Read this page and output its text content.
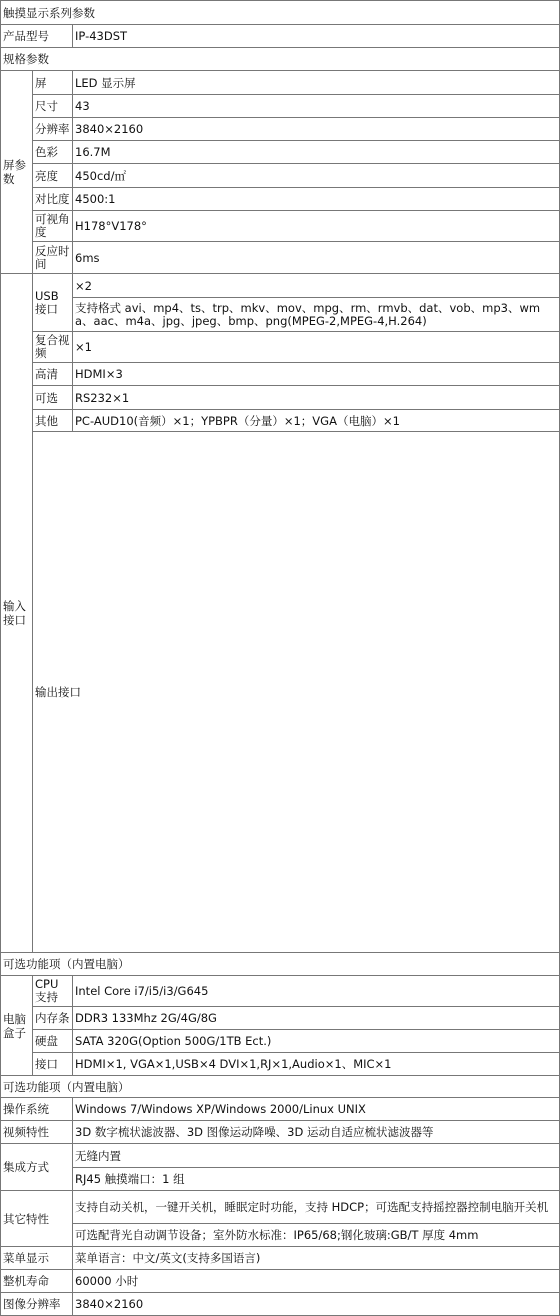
触摸显示系列参数			
产品型号		IP-43DST	
规格参数			
屏参数	屏	LED 显示屏	
	尺寸	43	
	分辨率	3840×2160	
	色彩	16.7M	
	亮度	450cd/㎡	
	对比度	4500:1	
	可视角度	H178°V178°	
	反应时间	6ms	
输入接口	USB 接口	×2	
		支持格式 avi、mp4、ts、trp、mkv、mov、mpg、rm、rmvb、dat、vob、mp3、wma、aac、m4a、jpg、jpeg、bmp、png(MPEG-2,MPEG-4,H.264)	
	复合视频	×1	
	高清	HDMI×3	
	可选	RS232×1	
	其他	PC-AUD10(音频）×1；YPBPR（分量）×1；VGA（电脑）×1	
	输出接口	
可选功能项（内置电脑）			
电脑盒子	CPU 支持	Intel Core i7/i5/i3/G645	
	内存条	DDR3 133Mhz 2G/4G/8G	
	硬盘	SATA 320G(Option 500G/1TB Ect.)	
	接口	HDMI×1, VGA×1,USB×4 DVI×1,RJ×1,Audio×1、MIC×1	
可选功能项（内置电脑）			
操作系统		Windows 7/Windows XP/Windows 2000/Linux UNIX	
视频特性		3D 数字梳状滤波器、3D 图像运动降噪、3D 运动自适应梳状滤波器等	
集成方式		无缝内置	
		RJ45 触摸端口：1 组	
其它特性		支持自动关机，一键开关机，睡眠定时功能，支持 HDCP；可选配支持摇控器控制电脑开关机	
		可选配背光自动调节设备；室外防水标准：IP65/68;钢化玻璃:GB/T 厚度 4mm	
菜单显示		菜单语言：中文/英文(支持多国语言)	
整机寿命		60000 小时	
图像分辨率		3840×2160	
